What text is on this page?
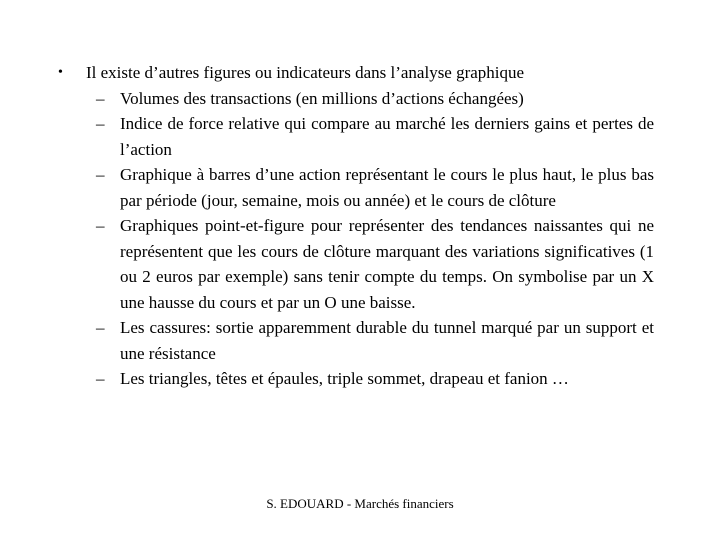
•	Il existe d’autres figures ou indicateurs dans l’analyse graphique
– Volumes des transactions (en millions d’actions échangées)
– Indice de force relative qui compare au marché les derniers gains et pertes de l’action
– Graphique à barres d’une action représentant le cours le plus haut, le plus bas par période (jour, semaine, mois ou année) et le cours de clôture
– Graphiques point-et-figure pour représenter des tendances naissantes qui ne représentent que les cours de clôture marquant des variations significatives (1 ou 2 euros par exemple) sans tenir compte du temps. On symbolise par un X une hausse du cours et par un O une baisse.
– Les cassures: sortie apparemment durable du tunnel marqué par un support et une résistance
– Les triangles, têtes et épaules, triple sommet, drapeau et fanion …
S. EDOUARD - Marchés financiers
